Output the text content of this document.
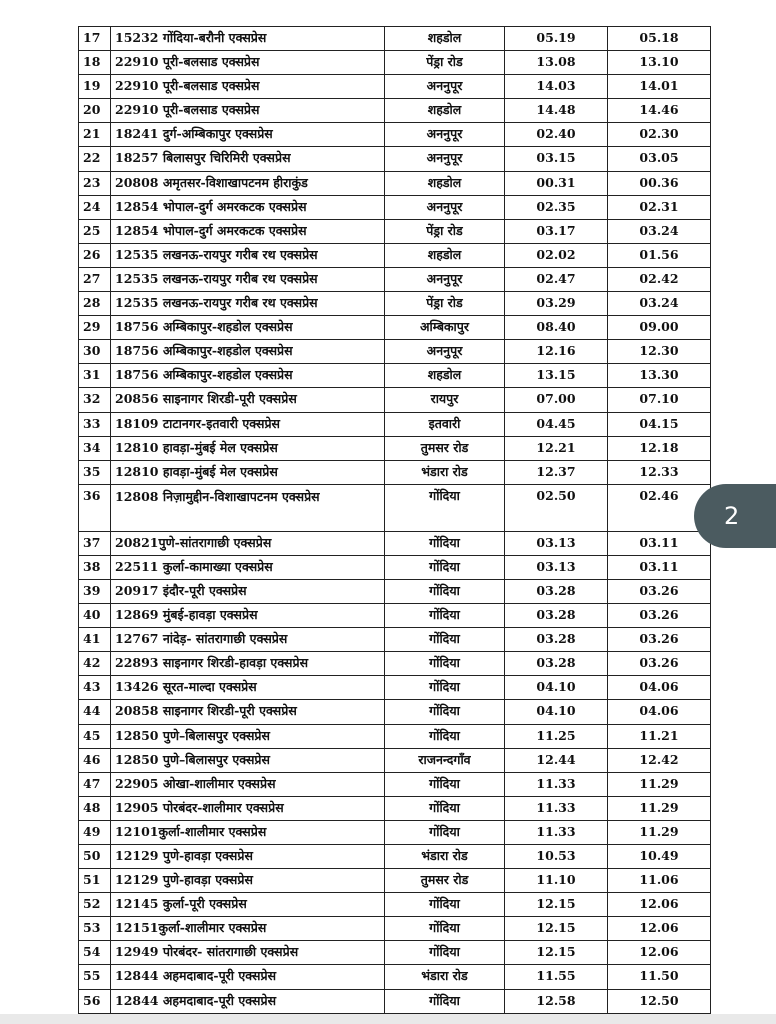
17	15232 गोंदिया-बरौनी एक्सप्रेस	शहडोल	05.19	05.18
18	22910 पूरी-बलसाड एक्सप्रेस	पेंड्रा रोड	13.08	13.10
19	22910 पूरी-बलसाड एक्सप्रेस	अननुपूर	14.03	14.01
20	22910 पूरी-बलसाड एक्सप्रेस	शहडोल	14.48	14.46
21	18241 दुर्ग-अम्बिकापुर एक्सप्रेस	अननुपूर	02.40	02.30
22	18257 बिलासपुर चिरिमिरी एक्सप्रेस	अननुपूर	03.15	03.05
23	20808 अमृतसर-विशाखापटनम हीराकुंड	शहडोल	00.31	00.36
24	12854 भोपाल-दुर्ग अमरकटक एक्सप्रेस	अननुपूर	02.35	02.31
25	12854 भोपाल-दुर्ग अमरकटक एक्सप्रेस	पेंड्रा रोड	03.17	03.24
26	12535 लखनऊ-रायपुर गरीब रथ एक्सप्रेस	शहडोल	02.02	01.56
27	12535 लखनऊ-रायपुर गरीब रथ एक्सप्रेस	अननुपूर	02.47	02.42
28	12535 लखनऊ-रायपुर गरीब रथ एक्सप्रेस	पेंड्रा रोड	03.29	03.24
29	18756 अम्बिकापुर-शहडोल एक्सप्रेस	अम्बिकापुर	08.40	09.00
30	18756 अम्बिकापुर-शहडोल एक्सप्रेस	अननुपूर	12.16	12.30
31	18756 अम्बिकापुर-शहडोल एक्सप्रेस	शहडोल	13.15	13.30
32	20856 साइनागर शिरडी-पूरी एक्सप्रेस	रायपुर	07.00	07.10
33	18109 टाटानगर-इतवारी एक्सप्रेस	इतवारी	04.45	04.15
34	12810 हावड़ा-मुंबई मेल एक्सप्रेस	तुमसर रोड	12.21	12.18
35	12810 हावड़ा-मुंबई मेल एक्सप्रेस	भंडारा रोड	12.37	12.33
36	12808 निज़ामुद्दीन-विशाखापटनम एक्सप्रेस	गोंदिया	02.50	02.46
37	20821पुणे-सांतरागाछी एक्सप्रेस	गोंदिया	03.13	03.11
38	22511 कुर्ला-कामाख्या एक्सप्रेस	गोंदिया	03.13	03.11
39	20917 इंदौर-पूरी एक्सप्रेस	गोंदिया	03.28	03.26
40	12869 मुंबई-हावड़ा एक्सप्रेस	गोंदिया	03.28	03.26
41	12767 नांदेड़- सांतरागाछी एक्सप्रेस	गोंदिया	03.28	03.26
42	22893 साइनागर शिरडी-हावड़ा एक्सप्रेस	गोंदिया	03.28	03.26
43	13426 सूरत-माल्दा एक्सप्रेस	गोंदिया	04.10	04.06
44	20858 साइनागर शिरडी-पूरी एक्सप्रेस	गोंदिया	04.10	04.06
45	12850 पुणे–बिलासपुर एक्सप्रेस	गोंदिया	11.25	11.21
46	12850 पुणे–बिलासपुर एक्सप्रेस	राजनन्दगाँव	12.44	12.42
47	22905 ओखा-शालीमार एक्सप्रेस	गोंदिया	11.33	11.29
48	12905 पोरबंदर-शालीमार एक्सप्रेस	गोंदिया	11.33	11.29
49	12101कुर्ला-शालीमार एक्सप्रेस	गोंदिया	11.33	11.29
50	12129 पुणे-हावड़ा एक्सप्रेस	भंडारा रोड	10.53	10.49
51	12129 पुणे-हावड़ा एक्सप्रेस	तुमसर रोड	11.10	11.06
52	12145 कुर्ला-पूरी एक्सप्रेस	गोंदिया	12.15	12.06
53	12151कुर्ला-शालीमार एक्सप्रेस	गोंदिया	12.15	12.06
54	12949 पोरबंदर- सांतरागाछी एक्सप्रेस	गोंदिया	12.15	12.06
55	12844 अहमदाबाद-पूरी एक्सप्रेस	भंडारा रोड	11.55	11.50
56	12844 अहमदाबाद-पूरी एक्सप्रेस	गोंदिया	12.58	12.50
2
